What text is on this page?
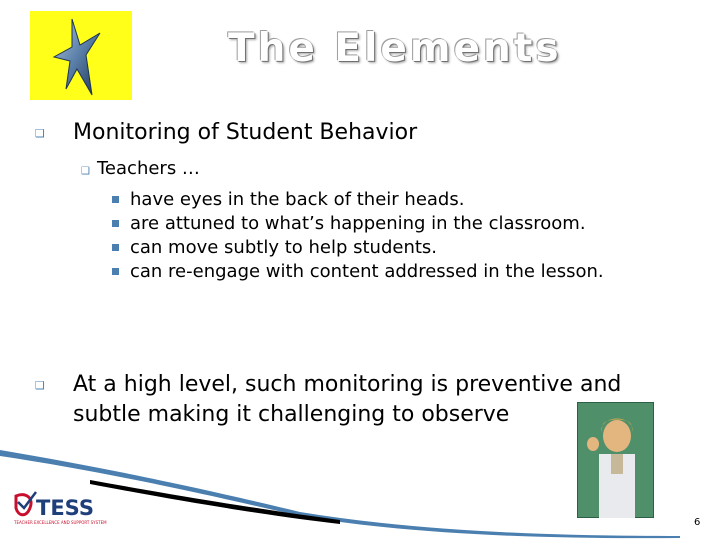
The Elements
❑ Monitoring of Student Behavior
❑ Teachers …
have eyes in the back of their heads.
are attuned to what’s happening in the classroom.
can move subtly to help students.
can re-engage with content addressed in the lesson.
❑ At a high level, such monitoring is preventive and subtle making it challenging to observe
TESS
TEACHER EXCELLENCE AND SUPPORT SYSTEM	6
